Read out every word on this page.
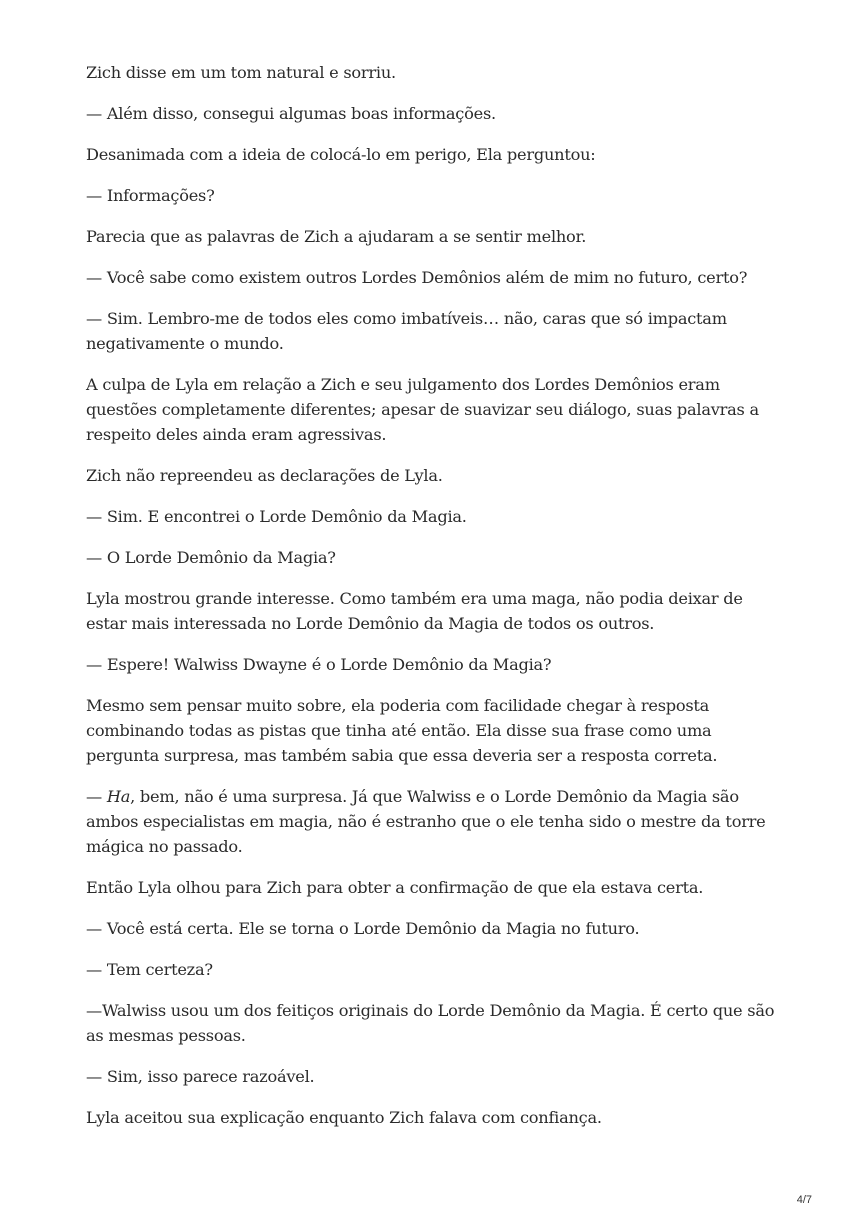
Zich disse em um tom natural e sorriu.

— Além disso, consegui algumas boas informações.

Desanimada com a ideia de colocá-lo em perigo, Ela perguntou:

— Informações?

Parecia que as palavras de Zich a ajudaram a se sentir melhor.

— Você sabe como existem outros Lordes Demônios além de mim no futuro, certo?

— Sim. Lembro-me de todos eles como imbatíveis… não, caras que só impactam negativamente o mundo.

A culpa de Lyla em relação a Zich e seu julgamento dos Lordes Demônios eram questões completamente diferentes; apesar de suavizar seu diálogo, suas palavras a respeito deles ainda eram agressivas.

Zich não repreendeu as declarações de Lyla.

— Sim. E encontrei o Lorde Demônio da Magia.

— O Lorde Demônio da Magia?

Lyla mostrou grande interesse. Como também era uma maga, não podia deixar de estar mais interessada no Lorde Demônio da Magia de todos os outros.

— Espere! Walwiss Dwayne é o Lorde Demônio da Magia?

Mesmo sem pensar muito sobre, ela poderia com facilidade chegar à resposta combinando todas as pistas que tinha até então. Ela disse sua frase como uma pergunta surpresa, mas também sabia que essa deveria ser a resposta correta.

— Ha, bem, não é uma surpresa. Já que Walwiss e o Lorde Demônio da Magia são ambos especialistas em magia, não é estranho que o ele tenha sido o mestre da torre mágica no passado.

Então Lyla olhou para Zich para obter a confirmação de que ela estava certa.

— Você está certa. Ele se torna o Lorde Demônio da Magia no futuro.

— Tem certeza?

—Walwiss usou um dos feitiços originais do Lorde Demônio da Magia. É certo que são as mesmas pessoas.

— Sim, isso parece razoável.

Lyla aceitou sua explicação enquanto Zich falava com confiança.

4/7
